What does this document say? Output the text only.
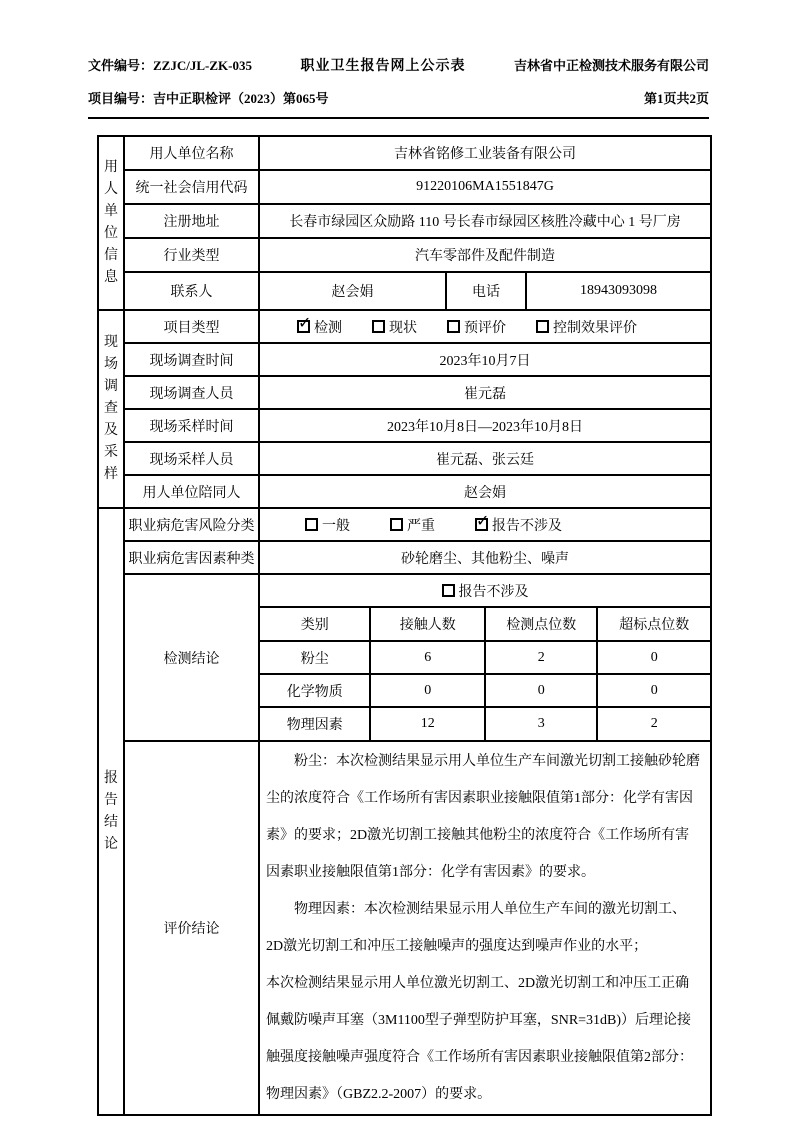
文件编号：ZZJC/JL-ZK-035	职业卫生报告网上公示表	吉林省中正检测技术服务有限公司
项目编号：吉中正职检评（2023）第065号	第1页共2页
用人单位信息	用人单位名称	吉林省铭修工业装备有限公司
统一社会信用代码	91220106MA1551847G
注册地址	长春市绿园区众励路 110 号长春市绿园区核胜冷藏中心 1 号厂房
行业类型	汽车零部件及配件制造
联系人	赵会娟	电话	18943093098

现场调查及采样	项目类型	✓ 检测	现状	预评价	控制效果评价

现场调查时间	2023年10月7日
现场调查人员	崔元磊
现场采样时间	2023年10月8日—2023年10月8日
现场采样人员	崔元磊、张云廷
用人单位陪同人	赵会娟
报告结论	职业病危害风险分类	一般	严重	✓ 报告不涉及

职业病危害因素种类	砂轮磨尘、其他粉尘、噪声
检测结论	
报告不涉及
类别	接触人数	检测点位数	超标点位数
粉尘	6	2	0
化学物质	0	0	0
物理因素	12	3	2

评价结论	
粉尘：本次检测结果显示用人单位生产车间激光切割工接触砂轮磨尘的浓度符合《工作场所有害因素职业接触限值第1部分：化学有害因素》的要求；2D激光切割工接触其他粉尘的浓度符合《工作场所有害因素职业接触限值第1部分：化学有害因素》的要求。
物理因素：本次检测结果显示用人单位生产车间的激光切割工、2D激光切割工和冲压工接触噪声的强度达到噪声作业的水平；
本次检测结果显示用人单位激光切割工、2D激光切割工和冲压工正确佩戴防噪声耳塞（3M1100型子弹型防护耳塞，SNR=31dB)）后理论接触强度接触噪声强度符合《工作场所有害因素职业接触限值第2部分：物理因素》（GBZ2.2-2007）的要求。
